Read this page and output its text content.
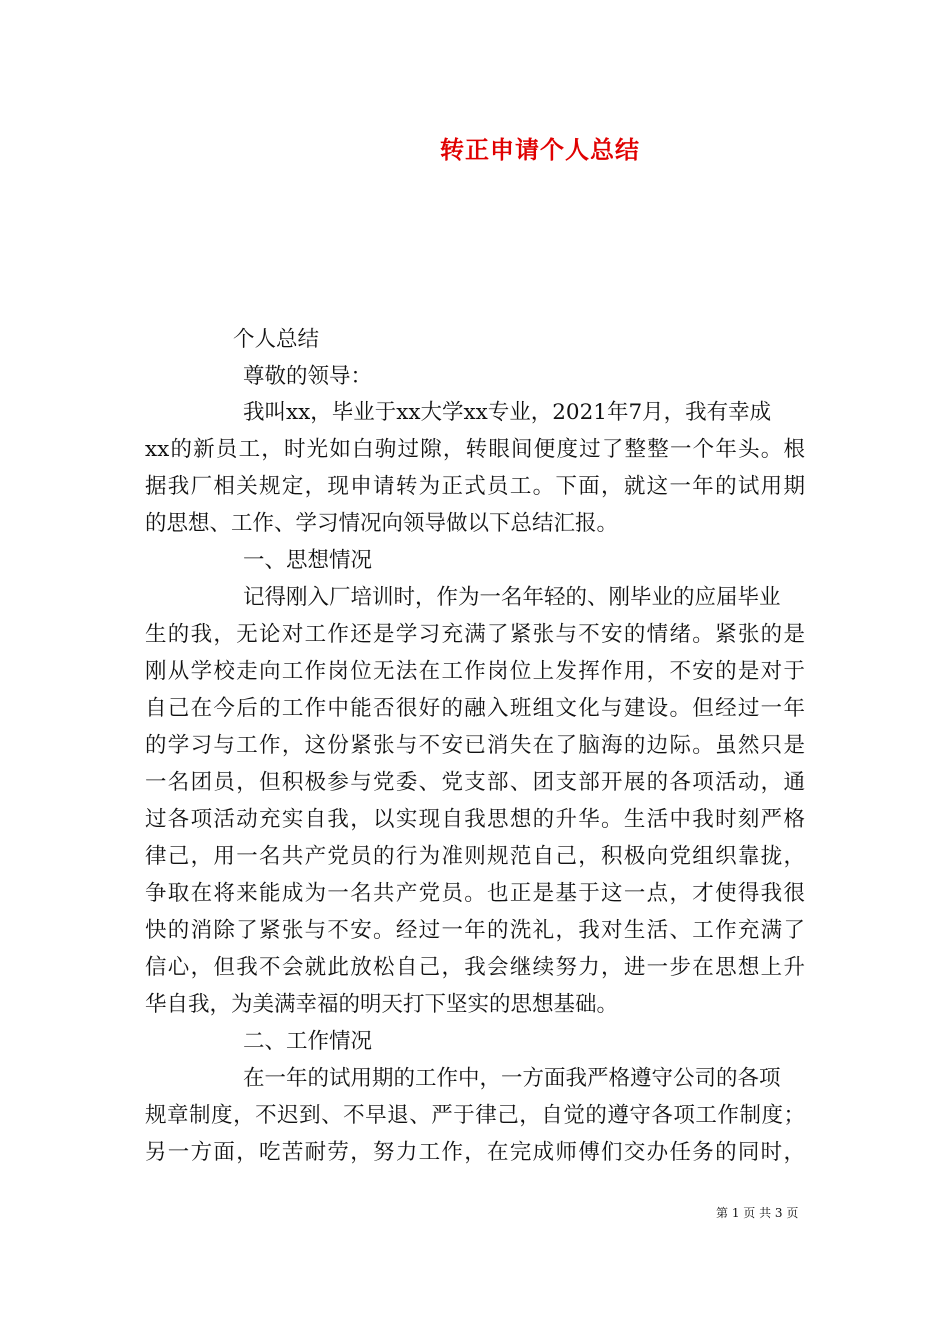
转正申请个人总结
个人总结
尊敬的领导：
我叫xx，毕业于xx大学xx专业，2021年7月，我有幸成
xx的新员工，时光如白驹过隙，转眼间便度过了整整一个年头。根
据我厂相关规定，现申请转为正式员工。下面，就这一年的试用期
的思想、工作、学习情况向领导做以下总结汇报。
一、思想情况
记得刚入厂培训时，作为一名年轻的、刚毕业的应届毕业
生的我，无论对工作还是学习充满了紧张与不安的情绪。紧张的是
刚从学校走向工作岗位无法在工作岗位上发挥作用，不安的是对于
自己在今后的工作中能否很好的融入班组文化与建设。但经过一年
的学习与工作，这份紧张与不安已消失在了脑海的边际。虽然只是
一名团员，但积极参与党委、党支部、团支部开展的各项活动，通
过各项活动充实自我，以实现自我思想的升华。生活中我时刻严格
律己，用一名共产党员的行为准则规范自己，积极向党组织靠拢，
争取在将来能成为一名共产党员。也正是基于这一点，才使得我很
快的消除了紧张与不安。经过一年的洗礼，我对生活、工作充满了
信心，但我不会就此放松自己，我会继续努力，进一步在思想上升
华自我，为美满幸福的明天打下坚实的思想基础。
二、工作情况
在一年的试用期的工作中，一方面我严格遵守公司的各项
规章制度，不迟到、不早退、严于律己，自觉的遵守各项工作制度；
另一方面，吃苦耐劳，努力工作，在完成师傅们交办任务的同时，
第 1 页 共 3 页
